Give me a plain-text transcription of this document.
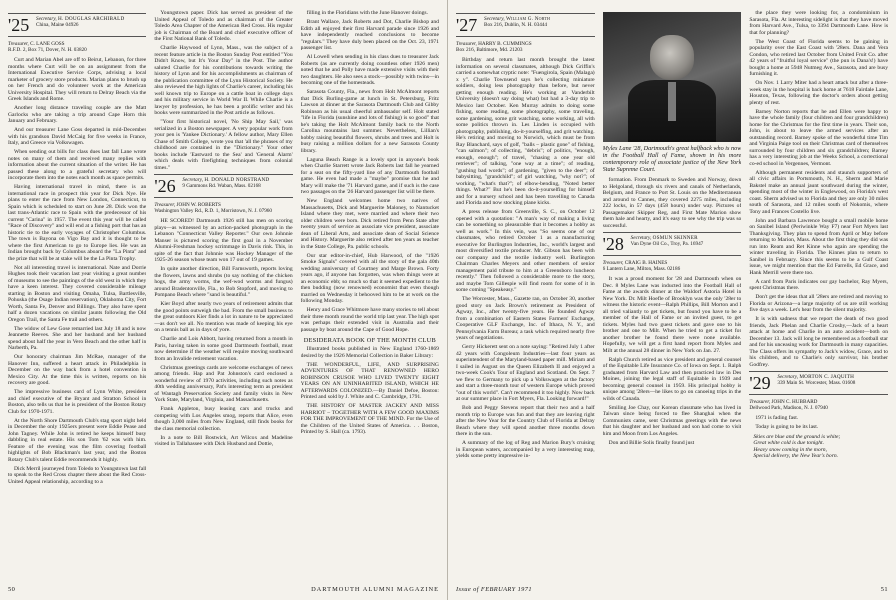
'25	Secretary, H. DOUGLAS ARCHIBALD
China, Maine 04926
Treasurer, C. LANE GOSS
R.F.D. 2, Box 71, Dover, N. H. 03820

Curt and Marian Abel are off to Beirut, Lebanon, for three months where Curt will be on an assignment from the International Executive Service Corps, advising a local marketer of grocery store products. Marian plans to brush up on her French and do volunteer work at the American University Hospital. They will return to Delray Beach via the Greek Islands and Rome.

Another long distance traveling couple are the Matt Garlocks who are taking a trip around Cape Horn this January and February.

And our treasurer Lane Goss departed in mid-December with his grandson David McCaig for five weeks in France, Italy, and Greece via Volkswagen.

When sending out bills for class dues last fall Lane wrote notes on many of them and received many replies with information about the current situation of the writer. He has passed these along to a grateful secretary who will incorporate them into the notes each month as space permits.

Having international travel in mind, there is an international race in prospect this year for Dick Nye. He plans to enter the race from New London, Connecticut, to Spain which is scheduled to start on June 28. Dick won the last trans-Atlantic race to Spain with the predecessor of his current "Carina" in 1957. The event this year will be called "Race of Discovery" and will end at a fishing port that has an historic tie to the early voyages of Christopher Columbus. The town is Bayona on Vigo Bay and it is thought to be where the first American to go to Europe lies. He was an Indian brought back by Columbus aboard the "La Pinta" and the prize that will be at stake will be the La Pinta Trophy.

Not all interesting travel is international. Nate and Dorrie Hughes took their vacation last year visiting a great number of museums to see the paintings of the old west in which they have a keen interest. They covered considerable mileage starting in Boston and visiting Omaha, Tulsa, Bartlesville, Pohuska (the Osage Indian reservation), Oklahoma City, Fort Worth, Santa Fe, Denver and Billings. They also have spent half a dozen vacations on similar jaunts following the Old Oregon Trail, the Santa Fe trail and others.

The widow of Lew Gose remarried last July 18 and is now Jeannette Reeves. She and her husband and her husband spend about half the year in Vero Beach and the other half in Narberth, Pa.

Our honorary chairman Jim McRae, manager of the Hanover Inn, suffered a heart attack in Philadelphia in December on the way back from a hotel convention in Mexico City. At the time this is written, reports on his recovery are good.

The impressive business card of Lynn White, president and chief executive of the Bryant and Stratton School in Boston, also tells us that he is president of the Boston Rotary Club for 1970-1971.

At the North Shore Dartmouth Club's stag sport night held in December the only 1925ers present were Eddie Pease and John Tagney. While John is retired he keeps himself busy dabbling in real estate. His son Tom '62 was with him. Feature of the evening was the film covering football highlights of Bob Blackman's last year, and the Boston Rotary Club's talent Eddie recommends it highly.

Dick Merril journeyed from Toledo to Youngstown last fall to speak to the Red Cross chapter there about the Red Cross-United Appeal relationship, according to a

Youngstown paper. Dick has served as president of the United Appeal of Toledo and as chairman of the Greater Toledo Area Chapter of the American Red Cross. His regular job is Chairman of the Board and chief executive officer of the First National Bank of Toledo.

Charlie Haywood of Lynn, Mass., was the subject of a recent feature article in the Boston Sunday Post entitled "You Didn't Know, but It's Your Day" in the Post. The author saluted Charlie for his contributions towards writing the history of Lynn and for his accomplishments as chairman of the publication committee of the Lynn Historical Society. He also reviewed the high lights of Charlie's career, including his well known trip to Europe on a cattle boat in college days and his military service in World War II. While Charlie is a lawyer by profession, he has been a prolific writer and his books were summarized in the Post article as follows.

"Your first historical novel, 'No Ship May Sail,' was serialized in a Boston newspaper. A very popular work from your pen is 'Yankee Dictionary.' A fellow author, Mary Ellen Chase of Smith College, wrote you that 'all the phrases of my childhood are contained in the "Dictionary." Your other books include 'Eastward to the Sea' and 'General Alarm' which deals with firefighting techniques from colonial times."

'26	Secretary, H. DONALD NORSTRAND
9 Gammons Rd. Waban, Mass. 02168
Treasurer, JOHN W. ROBERTS
Washington Valley Rd., R.D. 1, Morristown, N. J. 07960

HE SCORED! Dartmouth 1926 still has men on scoring plays—as witnessed by an action-packed photograph in the Lebanon "Connecticut Valley Reporter." Our own Johnnie Manser is pictured scoring the first goal in a November Alumni-Freshman hockey scrimmage in Davis rink. This, in spite of the fact that Johnnie was Hockey Manager of the 1925-26 season whose team won 17 out of 19 games.

In quite another direction, Bill Farnsworth, reports loving the flowers, lawns and shrubs (to say nothing of the chicken hogs, the army worms, the wef-wod worms and fungus) around Bradentonville, Fla., to Bob Stopford, and moving to Pompano Beach where "sand is beautiful."

Kier Boyd after nearly two years of retirement admits that the good points outweigh the bad. From the small business to the great outdoors Kier finds a lot in nature to be appreciated—as don't we all. No mention was made of keeping his eye on a tennis ball as in days of yore.

Charlie and Lois Abbott, having returned from a month in Paris, having taken in some good Dartmouth football, must now determine if the weather will require moving southward from an Invalide retirement vacation.

Christmas greetings cards are welcome exchanges of news among friends. Hap and Pat Johnston's card enclosed a wonderful review of 1970 activities, including such notes as 40th wedding anniversary, Pat's interesting term as president of Wantagh Preservation Society and family visits in New York State, Maryland, Virginia, and Massachusetts.

Frank Appleton, busy leasing cars and trucks and competing with Los Angeles smog, reports that Alice, even though 3,000 miles from New England, still finds books for the class memorial collection.

In a note to Bill Bostwick, Art Wilcox and Madeline visited in Tallahassee with Dick Husband and Dottie,

filling in the Floridians with the June Hanover doings.

Brant Wallace, Jack Roberts and Dot, Charlie Bishop and Edith all enjoyed their first Harvard parade since 1926 and have independently reached conclusions to become "regulars." They have duly been placed on the Oct. 23, 1971 passenger list.

Al Lowell when sending in his class dues to treasurer Jack Roberts (as are currently doing countless other 1926 men) noted that he and Polly have made extensive visits with their two daughters. He also sees a stock—possibly with twins—in becoming one of the homesteads.

Sarasota County, Fla., news from Holt McAlmont reports that Dick Burling-game at lunch in St. Petersburg, Fritz Lawson at dinner at the Sarasota Dartmouth Club and Gibby Robinson as his usual cheerful ambassador self. Holt stated "life in Florida (sunshine and lots of fishing) is so good" that he's taking the Holt McAlmont family back to the North Carolina mountains last summer. Nevertheless, Lillian's hobby raising beautiful flowers, shrubs and trees and Holt is busy raising a million dollars for a new Sarasota County library.

Laguna Beach Range is a lovely spot in anyone's book when Charlie Starrett wrote Jack Roberts last fall he yearned for a seat on the fifty-yard line of any Dartmouth football game. He even had made a "maybe" promise that he and Mary will make the '71 Harvard game, and if such is the case two passages on the '26 Harvard passenger list will be there.

New England welcomes home two natives of Massachusetts, Dick and Marguerite Maloney, to Nantucket Island where they met, were married and where their two older children were born. Dick retired from Penn State after twenty years of service as associate vice president, associate dean of Liberal Arts, and associate dean of Social Science and History. Marguerite also retired after ten years as teacher in the State College, Pa. public schools.

Our star editor-in-chief, Hub Harwood, of the "1926 Smoke Signals" covered with all the story of the gala 40th wedding anniversary of Courtney and Marge Brown. Forty years ago, if anyone has forgotten, was when things were at an economic ebb; so much so that it seemed expedient to the then budding (now renowned) economist that even though married on Wednesday it behooved him to be at work on the following Monday.

Henry and Grace Whitmore have many stories to tell about their three month round the world trip last year. The high spot was perhaps their extended visit in Australia and their passage by boat around the Cape of Good Hope.

DESIDERATA BOOK OF THE MONTH CLUB

Illustrated books published in New England 1760-1869 desired by the 1926 Memorial Collection in Baker Library:

THE WONDERFUL, LIFE, AND SURPRISING ADVENTURES OF THAT RENOWNED HERO ROBINSON CRUSOE WHO LIVED TWENTY EIGHT YEARS ON AN UNINHABITED ISLAND, WHICH HE AFTERWARDS COLONIZED.—By Daniel Defoe, Boston: Printed and sold by J. White and C. Cambridge, 1791.

THE HISTORY OF MASTER JACKEY AND MISS HARRIOT – TOGETHER WITH A FEW GOOD MAXIMS FOR THE IMPROVEMENT OF THE MIND. For the Use of the Children of the United States of America. . . Boston, Printed by S. Hall (ca. 1793).

50	DARTMOUTH ALUMNI MAGAZINE
'27	Secretary, William G. North
Box 216, Dublin, N. H. 03444
Treasurer, HARRY B. CUMMINGS
Box 216, Baltimore, Md. 21203

Birthday and return last month brought the latest information on several classmates, although Dick Griffin's carried a somewhat cryptic note: "Fuengirola, Spain (Malaga) x y". Charlie Townsend says he's collecting miniature soldiers, doing less photography than before, but never getting enough reading. He's working at Vanderbilt University (doesn't say doing what) but had a 3-day trip to Mexico last October. Ken Murray admits to doing some fishing, some reading, some photography, some traveling, some gardening, some grit watching, some working, all with some politics thrown in. Les Linden is occupied with photography, publishing, do-it-yourselfing, and grit watching. He's retiring and moving to Norwich, which must be from Ray Blanchard, says of golf, "balls – plastic gone" of fishing, "can salmon"; of collecting, "debris"; of politics, "enough, enough, enough"; of travel, "chasing a one year old retriever"; of talking, "one way at a time"; of reading, "gushing bad words"; of gardening, "given to the deer"; of babysitting, "grandchild"; of girl watching, "why not?"; of working, "what's that?"; of elbow-bending, "Noted better things. What?" But he's been do-it-yourselfing for himself and for a nursery school and has been travelling to Canada and Florida and now stocking plane kicks.

A press release from Greenville, S. C., on October 12 opened with a quotation: "A man's way of making a living can be something so pleasurable that it becomes a hobby as well as work." In this vein, was "So seems one of our classmates, who retired October 1 as a manufacturing executive for Burlington Industries, Inc., world's largest and most diversified textile producer. Mr. Gibson has been with our company and the textile industry well. Burlington Chairman Charles Meyers and other members of senior management paid tribute to him at a Greensboro luncheon recently." Then followed a considerable more to the story, and maybe Tom Gillespie will find room for some of it in some coming "Speakeasy."

The Worcester, Mass., Gazette ran, on October 30, another good story on Jack Brown's retirement as President of Agway, Inc., after twenty-five years. He founded Agway from a combination of Eastern States Farmers' Exchange, Cooperative GLF Exchange, Inc. of Ithaca, N. Y., and Pennsylvania Farm Bureau; a task which required nearly five years of negotiations.

Gerry Hickerett sent on a note saying: "Retired July 1 after 42 years with Congoleum Industries—last four years as superintendent of the Maryland-based paper mill. Miriam and I sailed in August on the Queen Elizabeth II and enjoyed a two-week Cook's Tour of England and Scotland. On Sept. 7 we flew to Germany to pick up a Volkswagen at the factory and start a three-month tour of western Europe which proved "out of this world". Can't recommend it too highly. Now back at our summer place in Fort Myers, Fla. Looking forward!"

Bob and Peggy Stevens report that their two and a half month trip to Europe was fun and that they are leaving right after the New Year for the Country Club of Florida at Delray Beach where they will spend another three months down there in the sun.

A summary of the log of Reg and Marion Bury's cruising in European waters, accompanied by a very interesting map, yields some pretty impressive in-

Myles Lane '28, Dartmouth's great halfback who is now in the Football Hall of Fame, shown in his more contemporary role of associate justice of the New York State Supreme Court.

formation. From Denmark to Sweden and Norway, down to Helgoland, through six rivers and canals of Netherlands, Belgium, and France to Port St. Louis on the Mediterranean and around to Cannes, they covered 2275 miles, including 222 locks, in 57 days (458 hours) under way. Pictures of Passagemaker Skipper Reg, and First Mate Marion show them hale and hearty, and it's easy to see why the trip was so successful.

'28	Secretary, OSMUN SKINNER
Van Dyne Oil Co., Troy, Pa. 16947
Treasurer, CRAIG B. HAINES
6 Lantern Lane, Milton, Mass. 02186

It was a proud moment for '28 and Dartmouth when on Dec. 8 Myles Lane was inducted into the Football Hall of Fame at the awards dinner at the Waldorf Astoria Hotel in New York. Dr. Milt Hoefle of Brooklyn was the only '28er to witness the historic event—Ralph Phillips, Bill Morton and I all tried valiantly to get tickets, but found you have to be a member of the Hall of Fame or an invited guest, to get tickets. Myles had two guest tickets and gave one to his brother and one to Milt. When he tried to get a ticket for another brother he found there were none available. Hopefully, we will get a first hand report from Myles and Milt at the annual 28 dinner in New York on Jan. 27.

Ralph Church retired as vice president and general counsel of the Equitable Life Insurance Co. of Iowa on Sept. 1. Ralph graduated from Harvard Law and then practiced law in Des Moines, joining the legal staff of Equitable in 1939 and becoming general counsel in 1959. His principal hobby is unique among '28ers—he likes to go on canoeing trips in the wilds of Canada.

Smiling Joe Chay, our Korean classmate who has lived in Taiwan since being forced to flee Shanghai when the Communists came, sent Christmas greetings with the news that his daughter and her husband and son had come to visit him and Moon from Los Angeles.

Don and Billie Solis finally found just

the place they were looking for, a condominium in Sarasota, Fla. At interesting sidelight is that they have moved from Harvard Ave., Tulsa, to 3394 Dartmouth Lane. How is that for planning?

The West Coast of Florida seems to be gaining in popularity over the East Coast with '28ers. Dana and Vera Condon, who retired last October from United Fruit Co. after 42 years of "fruitful loyal service" (the pun is Dana's!) have bought a home at 5948 Nutmeg Ave., Sarasota, and are busy furnishing it.

On Nov. 1 Larry Miter had a heart attack but after a three-week stay in the hospital is back home at 7618 Fairdale Lane, Houston, Texas, following the doctor's orders about getting plenty of rest.

Barney Norton reports that he and Ellen were happy to have the whole family (four children and four grandchildren) home for the Christmas for the first time in years. Their son, John, is about to leave the armed services after an outstanding record. Barney spoke of the wonderful time Tim and Virginia Paige tool on their Christmas card of themselves surrounded by four children and six grandchildren; Barney has a very interesting job at the Weeks School, a correctional co-ed school in Vergennes, Vermont.

Although permanent residents and staunch supporters of all civic affairs in Portsmouth, N. H., Sherm and Marie Bakstel make an annual jaunt southward during the winter, spending most of the winter in Englewood, on Florida's west coast. Sherm advised us to Florida and they are only 30 miles south of Sarasota, and 12 miles south of Nokomis, where Tony and Frances Costello live.

John and Barbara Lawrence bought a small mobile home on Sanibel Island (Periwinkle Way F7) near Fort Myers last Thanksgiving. They plan to spend from April or May before returning to Marion, Mass. About the first thing they did was run into Ream and Ret Kinne who again are spending the winter traveling in Florida. The Kinnes plan to return to Sanibel in February. Since this seems to be a Gulf Coast issue, we might mention that the Ed Farrells, Ed Grace, and Hank Merrill were there too.

A card from Paris indicates our gay bachelor, Ray Myers, spent Christmas there.

Don't get the ideas that all '28ers are retired and moving to Florida or Arizona—a large majority of us are still working five days a week. Let's hear from the silent majority.

It is with sadness that we report the death of two good friends, Jack Phelan and Charlie Crosby,—Jack of a heart attack at home and Charlie in an auto accident—both on December 13. Jack will long be remembered as a football star and for his unceasing work for Dartmouth in many capacities. The Class offers its sympathy to Jack's widow, Grace, and to his children, and to Charlie's only survivor, his brother Godfrey.

'29	Secretary, MORTON C. JAQUITH
339 Main St. Worcester, Mass. 01608
Treasurer, JOHN C. HUBBARD
Dellwood Park, Madison, N. J. 07940

1971 is fading fast.

Today is going to be its last.

Skies are blue and the ground is white;
Great white cold is due tonight.
Heavy snow coming in the morn,
Special delivery, the New Year's born.
Issue of FEBRUARY 1971	51
